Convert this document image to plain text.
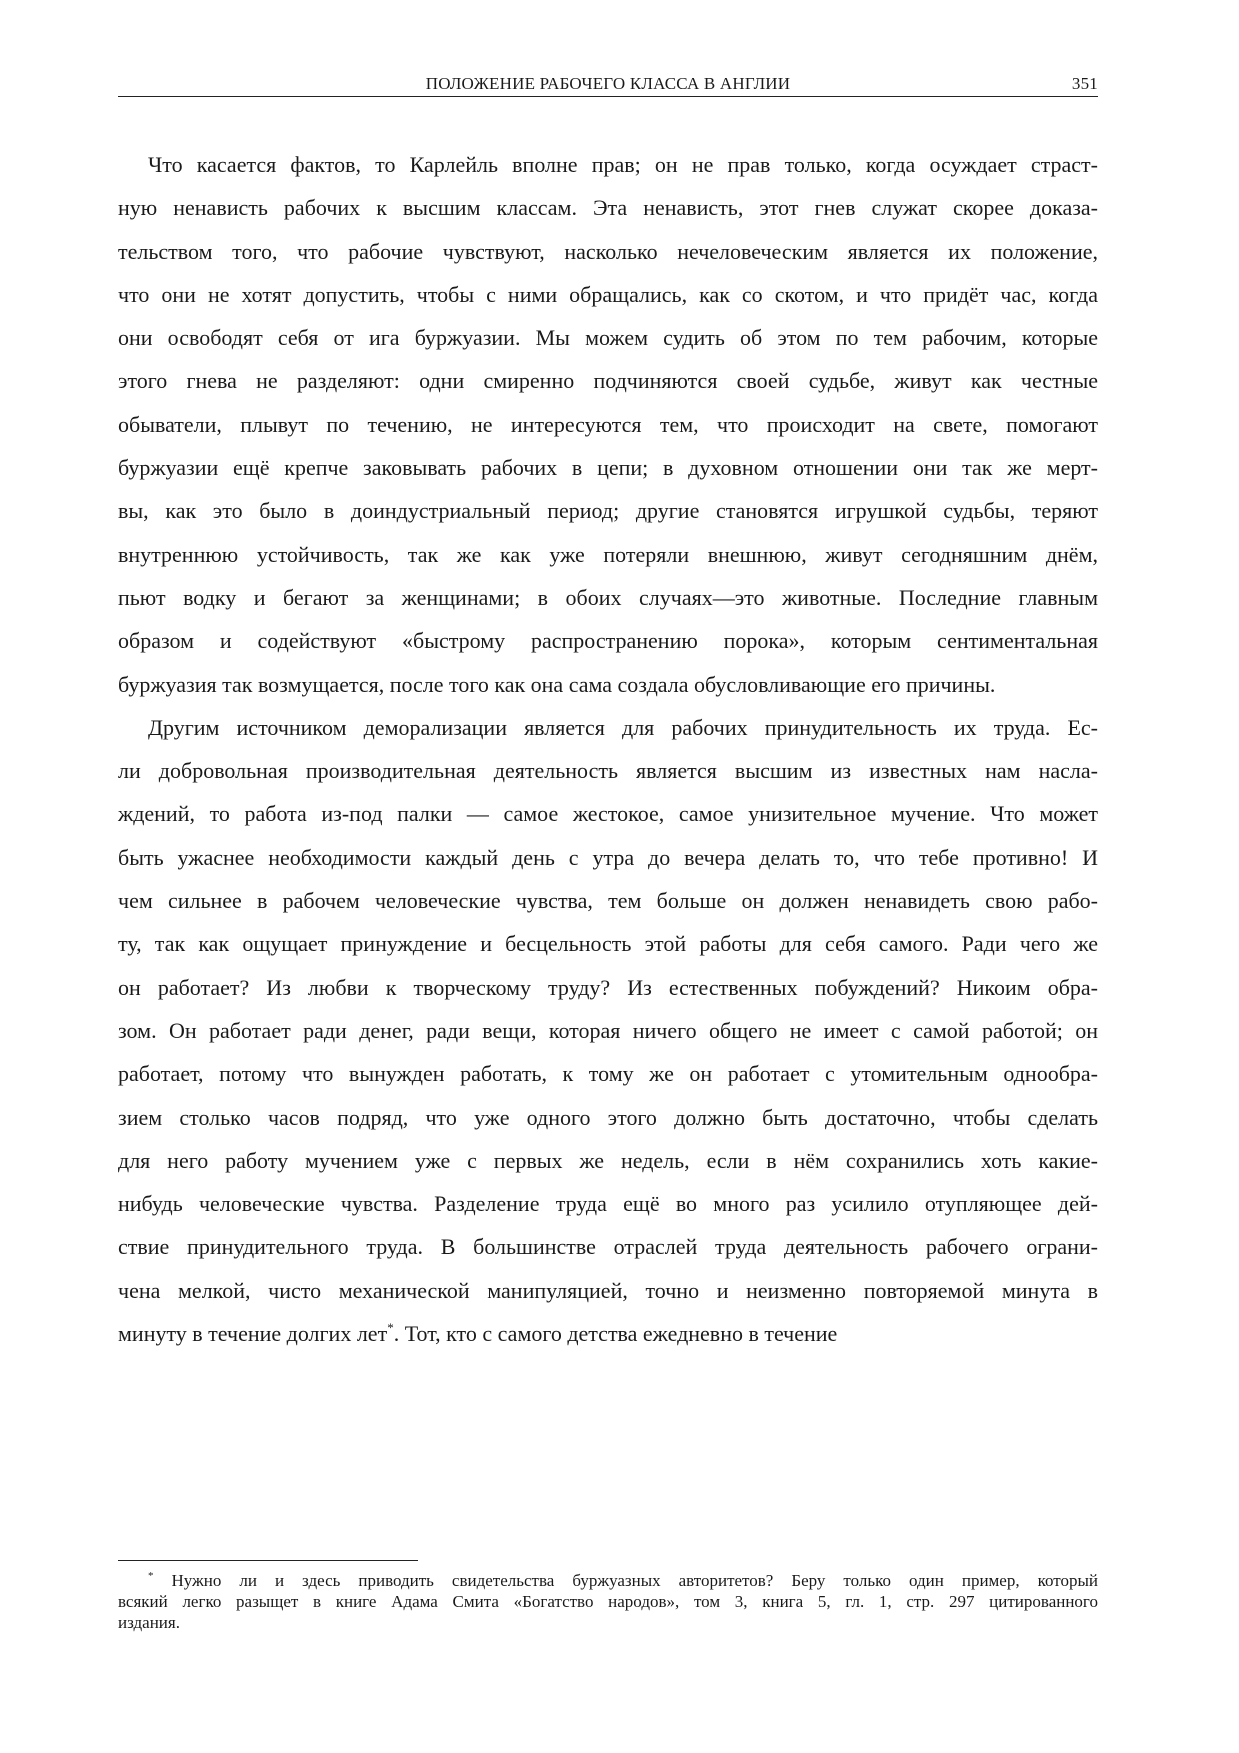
ПОЛОЖЕНИЕ РАБОЧЕГО КЛАССА В АНГЛИИ	351
Что касается фактов, то Карлейль вполне прав; он не прав только, когда осуждает страст-
ную ненависть рабочих к высшим классам. Эта ненависть, этот гнев служат скорее доказа-
тельством того, что рабочие чувствуют, насколько нечеловеческим является их положение,
что они не хотят допустить, чтобы с ними обращались, как со скотом, и что придёт час, когда
они освободят себя от ига буржуазии. Мы можем судить об этом по тем рабочим, которые
этого гнева не разделяют: одни смиренно подчиняются своей судьбе, живут как честные
обыватели, плывут по течению, не интересуются тем, что происходит на свете, помогают
буржуазии ещё крепче заковывать рабочих в цепи; в духовном отношении они так же мерт-
вы, как это было в доиндустриальный период; другие становятся игрушкой судьбы, теряют
внутреннюю устойчивость, так же как уже потеряли внешнюю, живут сегодняшним днём,
пьют водку и бегают за женщинами; в обоих случаях—это животные. Последние главным
образом и содействуют «быстрому распространению порока», которым сентиментальная
буржуазия так возмущается, после того как она сама создала обусловливающие его причины.
Другим источником деморализации является для рабочих принудительность их труда. Ес-
ли добровольная производительная деятельность является высшим из известных нам насла-
ждений, то работа из-под палки — самое жестокое, самое унизительное мучение. Что может
быть ужаснее необходимости каждый день с утра до вечера делать то, что тебе противно! И
чем сильнее в рабочем человеческие чувства, тем больше он должен ненавидеть свою рабо-
ту, так как ощущает принуждение и бесцельность этой работы для себя самого. Ради чего же
он работает? Из любви к творческому труду? Из естественных побуждений? Никоим обра-
зом. Он работает ради денег, ради вещи, которая ничего общего не имеет с самой работой; он
работает, потому что вынужден работать, к тому же он работает с утомительным однообра-
зием столько часов подряд, что уже одного этого должно быть достаточно, чтобы сделать
для него работу мучением уже с первых же недель, если в нём сохранились хоть какие-
нибудь человеческие чувства. Разделение труда ещё во много раз усилило отупляющее дей-
ствие принудительного труда. В большинстве отраслей труда деятельность рабочего ограни-
чена мелкой, чисто механической манипуляцией, точно и неизменно повторяемой минута в
минуту в течение долгих лет*. Тот, кто с самого детства ежедневно в течение
* Нужно ли и здесь приводить свидетельства буржуазных авторитетов? Беру только один пример, который
всякий легко разыщет в книге Адама Смита «Богатство народов», том 3, книга 5, гл. 1, стр. 297 цитированного
издания.
